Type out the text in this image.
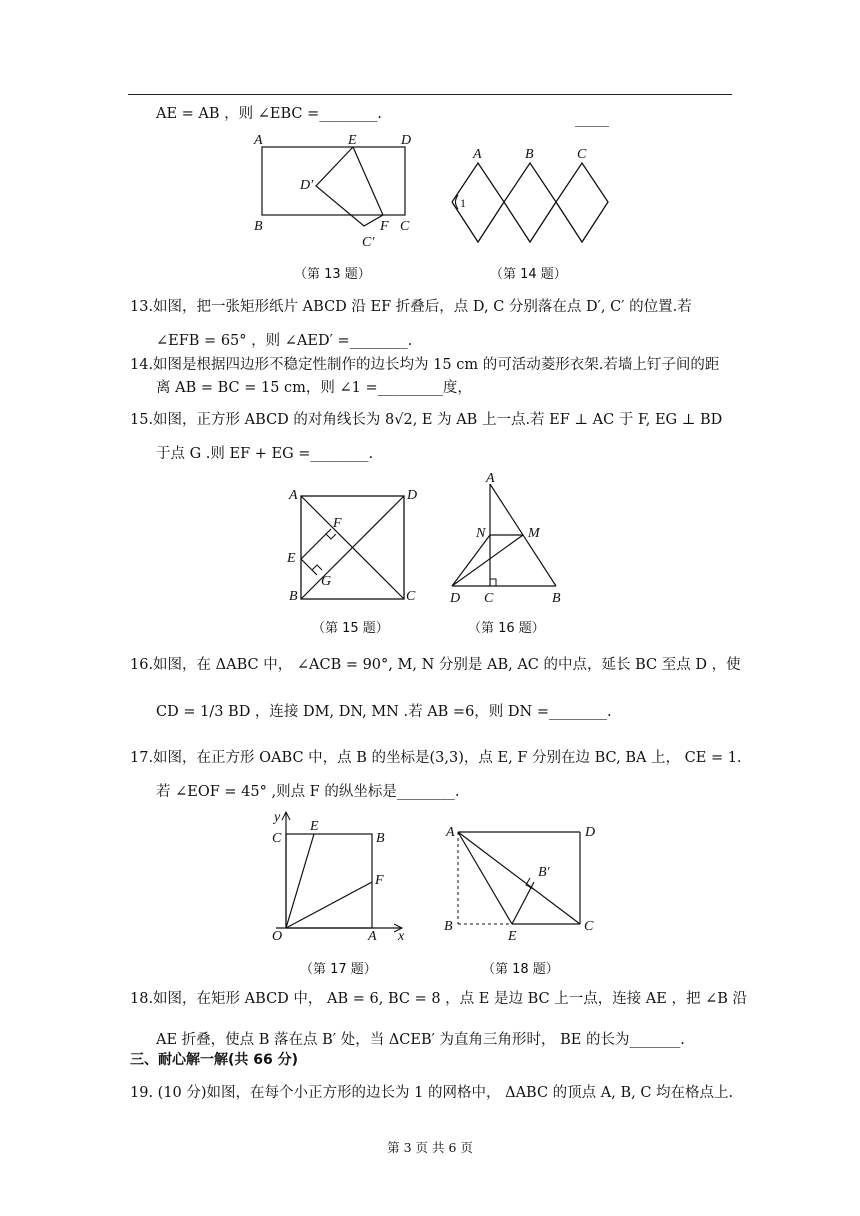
AE = AB ，则 ∠EBC =________.
A	E	D
D′
B	F C
C′
（第 13 题）
A	B	C
1
（第 14 题）
13.如图，把一张矩形纸片 ABCD 沿 EF 折叠后，点 D, C 分别落在点 D′, C′ 的位置.若
∠EFB = 65° ，则 ∠AED′ =________.
14.如图是根据四边形不稳定性制作的边长均为 15 cm 的可活动菱形衣架.若墙上钉子间的距
离 AB = BC = 15 cm，则 ∠1 =_________度，
15.如图，正方形 ABCD 的对角线长为 8√2, E 为 AB 上一点.若 EF ⊥ AC 于 F, EG ⊥ BD
于点 G .则 EF + EG =________.
A	D
F
E
G
B	C
（第 15 题）
A
N	M
D C	B
（第 16 题）
16.如图，在 ΔABC 中， ∠ACB = 90°, M, N 分别是 AB, AC 的中点，延长 BC 至点 D ，使
CD = 1/3 BD ，连接 DM, DN, MN .若 AB =6，则 DN =________.
17.如图，在正方形 OABC 中，点 B 的坐标是(3,3)，点 E, F 分别在边 BC, BA 上， CE = 1.
若 ∠EOF = 45° ,则点 F 的纵坐标是________.
y
C
E
B
F
O	A x
（第 17 题）
A	D
B′
B
E
C
（第 18 题）
18.如图，在矩形 ABCD 中， AB = 6, BC = 8 ，点 E 是边 BC 上一点，连接 AE ，把 ∠B 沿
AE 折叠，使点 B 落在点 B′ 处，当 ΔCEB′ 为直角三角形时， BE 的长为_______.
三、耐心解一解(共 66 分)
19. (10 分)如图，在每个小正方形的边长为 1 的网格中， ΔABC 的顶点 A, B, C 均在格点上.
第 3 页 共 6 页
